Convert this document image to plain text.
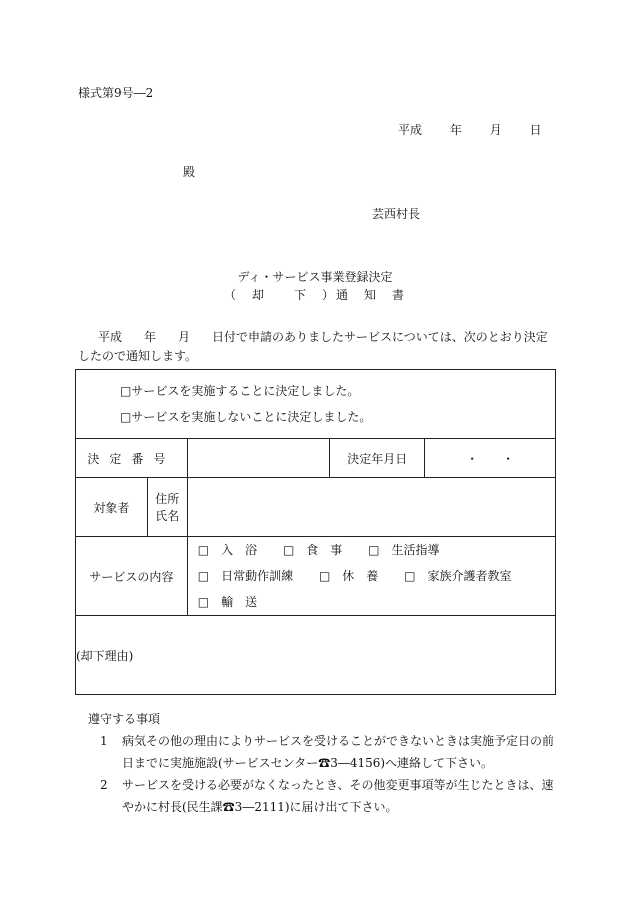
様式第9号―2
平成 年 月 日
殿
芸西村長
ディ・サービス事業登録決定
（　却　　下　）通　知　書
平成 年 月 日付で申請のありましたサービスについては、次のとおり決定
したので通知します。
□サービスを実施することに決定しました。
□サービスを実施しないことに決定しました。				

決定番号			決定年月日	・　　・
対象者	住所
氏名			

サービスの内容		□　入　浴 □　食　事 □　生活指導
□　日常動作訓練 □　休　養 □　家族介護者教室
□　輸　送		

(却下理由)				
遵守する事項
1 病気その他の理由によりサービスを受けることができないときは実施予定日の前日までに実施施設(サービスセンター☎3―4156)へ連絡して下さい。
2 サービスを受ける必要がなくなったとき、その他変更事項等が生じたときは、速やかに村長(民生課☎3―2111)に届け出て下さい。
